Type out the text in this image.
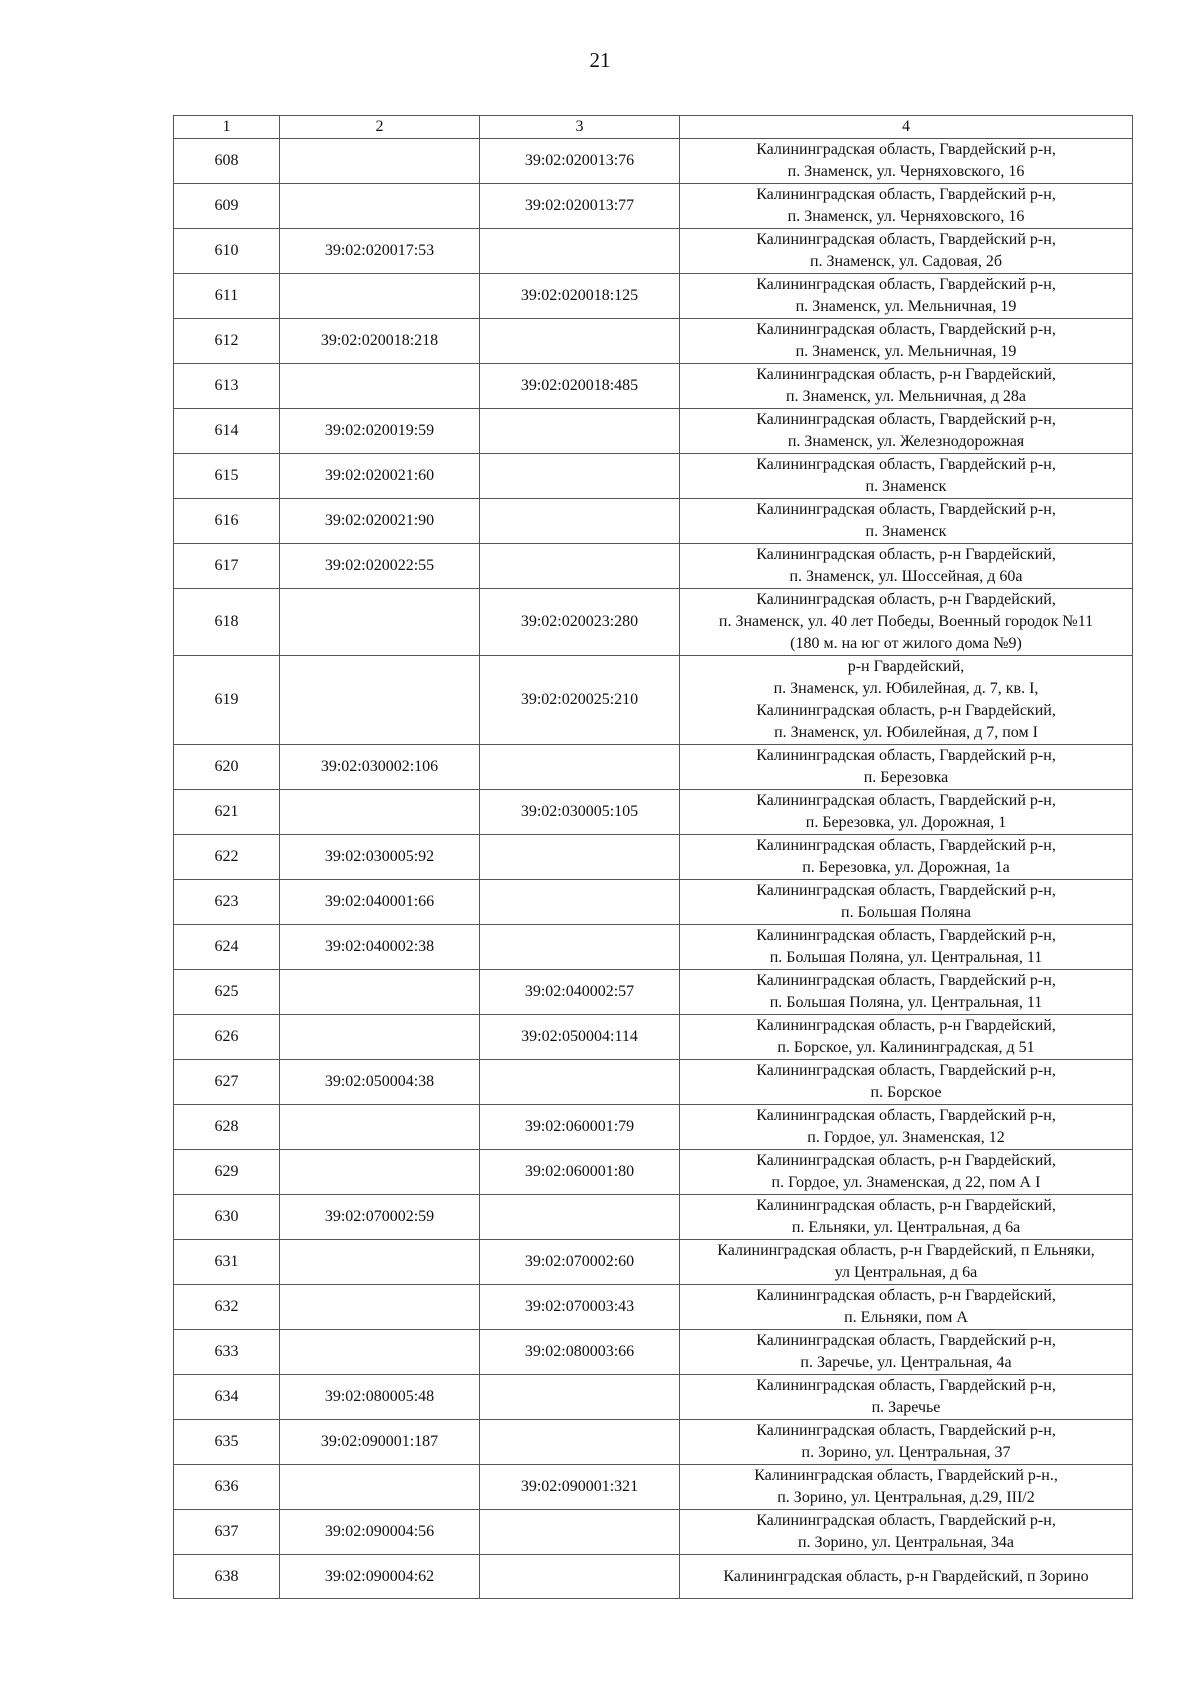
21
1	2	3	4
608		39:02:020013:76	Калининградская область, Гвардейский р-н,
п. Знаменск, ул. Черняховского, 16

609		39:02:020013:77	Калининградская область, Гвардейский р-н,
п. Знаменск, ул. Черняховского, 16

610	39:02:020017:53		Калининградская область, Гвардейский р-н,
п. Знаменск, ул. Садовая, 2б

611		39:02:020018:125	Калининградская область, Гвардейский р-н,
п. Знаменск, ул. Мельничная, 19

612	39:02:020018:218		Калининградская область, Гвардейский р-н,
п. Знаменск, ул. Мельничная, 19

613		39:02:020018:485	Калининградская область, р-н Гвардейский,
п. Знаменск, ул. Мельничная, д 28а

614	39:02:020019:59		Калининградская область, Гвардейский р-н,
п. Знаменск, ул. Железнодорожная

615	39:02:020021:60		Калининградская область, Гвардейский р-н,
п. Знаменск

616	39:02:020021:90		Калининградская область, Гвардейский р-н,
п. Знаменск

617	39:02:020022:55		Калининградская область, р-н Гвардейский,
п. Знаменск, ул. Шоссейная, д 60а

618		39:02:020023:280	Калининградская область, р-н Гвардейский,
п. Знаменск, ул. 40 лет Победы, Военный городок №11
(180 м. на юг от жилого дома №9)

619		39:02:020025:210	р-н Гвардейский,
п. Знаменск, ул. Юбилейная, д. 7, кв. I,
Калининградская область, р-н Гвардейский,
п. Знаменск, ул. Юбилейная, д 7, пом I

620	39:02:030002:106		Калининградская область, Гвардейский р-н,
п. Березовка

621		39:02:030005:105	Калининградская область, Гвардейский р-н,
п. Березовка, ул. Дорожная, 1

622	39:02:030005:92		Калининградская область, Гвардейский р-н,
п. Березовка, ул. Дорожная, 1а

623	39:02:040001:66		Калининградская область, Гвардейский р-н,
п. Большая Поляна

624	39:02:040002:38		Калининградская область, Гвардейский р-н,
п. Большая Поляна, ул. Центральная, 11

625		39:02:040002:57	Калининградская область, Гвардейский р-н,
п. Большая Поляна, ул. Центральная, 11

626		39:02:050004:114	Калининградская область, р-н Гвардейский,
п. Борское, ул. Калининградская, д 51

627	39:02:050004:38		Калининградская область, Гвардейский р-н,
п. Борское

628		39:02:060001:79	Калининградская область, Гвардейский р-н,
п. Гордое, ул. Знаменская, 12

629		39:02:060001:80	Калининградская область, р-н Гвардейский,
п. Гордое, ул. Знаменская, д 22, пом А I

630	39:02:070002:59		Калининградская область, р-н Гвардейский,
п. Ельняки, ул. Центральная, д 6а

631		39:02:070002:60	Калининградская область, р-н Гвардейский, п Ельняки,
ул Центральная, д 6а

632		39:02:070003:43	Калининградская область, р-н Гвардейский,
п. Ельняки, пом А

633		39:02:080003:66	Калининградская область, Гвардейский р-н,
п. Заречье, ул. Центральная, 4а

634	39:02:080005:48		Калининградская область, Гвардейский р-н,
п. Заречье

635	39:02:090001:187		Калининградская область, Гвардейский р-н,
п. Зорино, ул. Центральная, 37

636		39:02:090001:321	Калининградская область, Гвардейский р-н.,
п. Зорино, ул. Центральная, д.29, III/2

637	39:02:090004:56		Калининградская область, Гвардейский р-н,
п. Зорино, ул. Центральная, 34а

638	39:02:090004:62		Калининградская область, р-н Гвардейский, п Зорино
